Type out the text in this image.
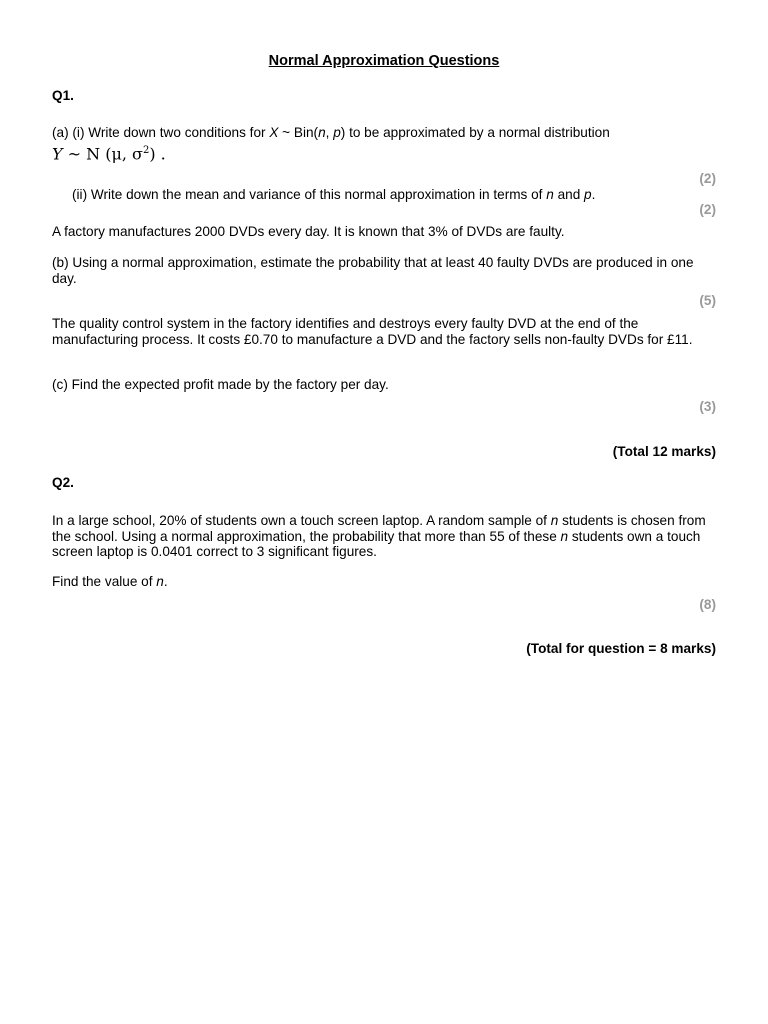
Normal Approximation Questions
Q1.
(a) (i) Write down two conditions for X ~ Bin(n, p) to be approximated by a normal distribution
Y ~ N (μ, $\sigma^2$) .
(2)
(ii) Write down the mean and variance of this normal approximation in terms of n and p.
(2)
A factory manufactures 2000 DVDs every day. It is known that 3% of DVDs are faulty.
(b) Using a normal approximation, estimate the probability that at least 40 faulty DVDs are produced in one day.
(5)
The quality control system in the factory identifies and destroys every faulty DVD at the end of the manufacturing process. It costs £0.70 to manufacture a DVD and the factory sells non-faulty DVDs for £11.
(c) Find the expected profit made by the factory per day.
(3)
(Total 12 marks)
Q2.
In a large school, 20% of students own a touch screen laptop. A random sample of n students is chosen from the school. Using a normal approximation, the probability that more than 55 of these n students own a touch screen laptop is 0.0401 correct to 3 significant figures.
Find the value of n.
(8)
(Total for question = 8 marks)
